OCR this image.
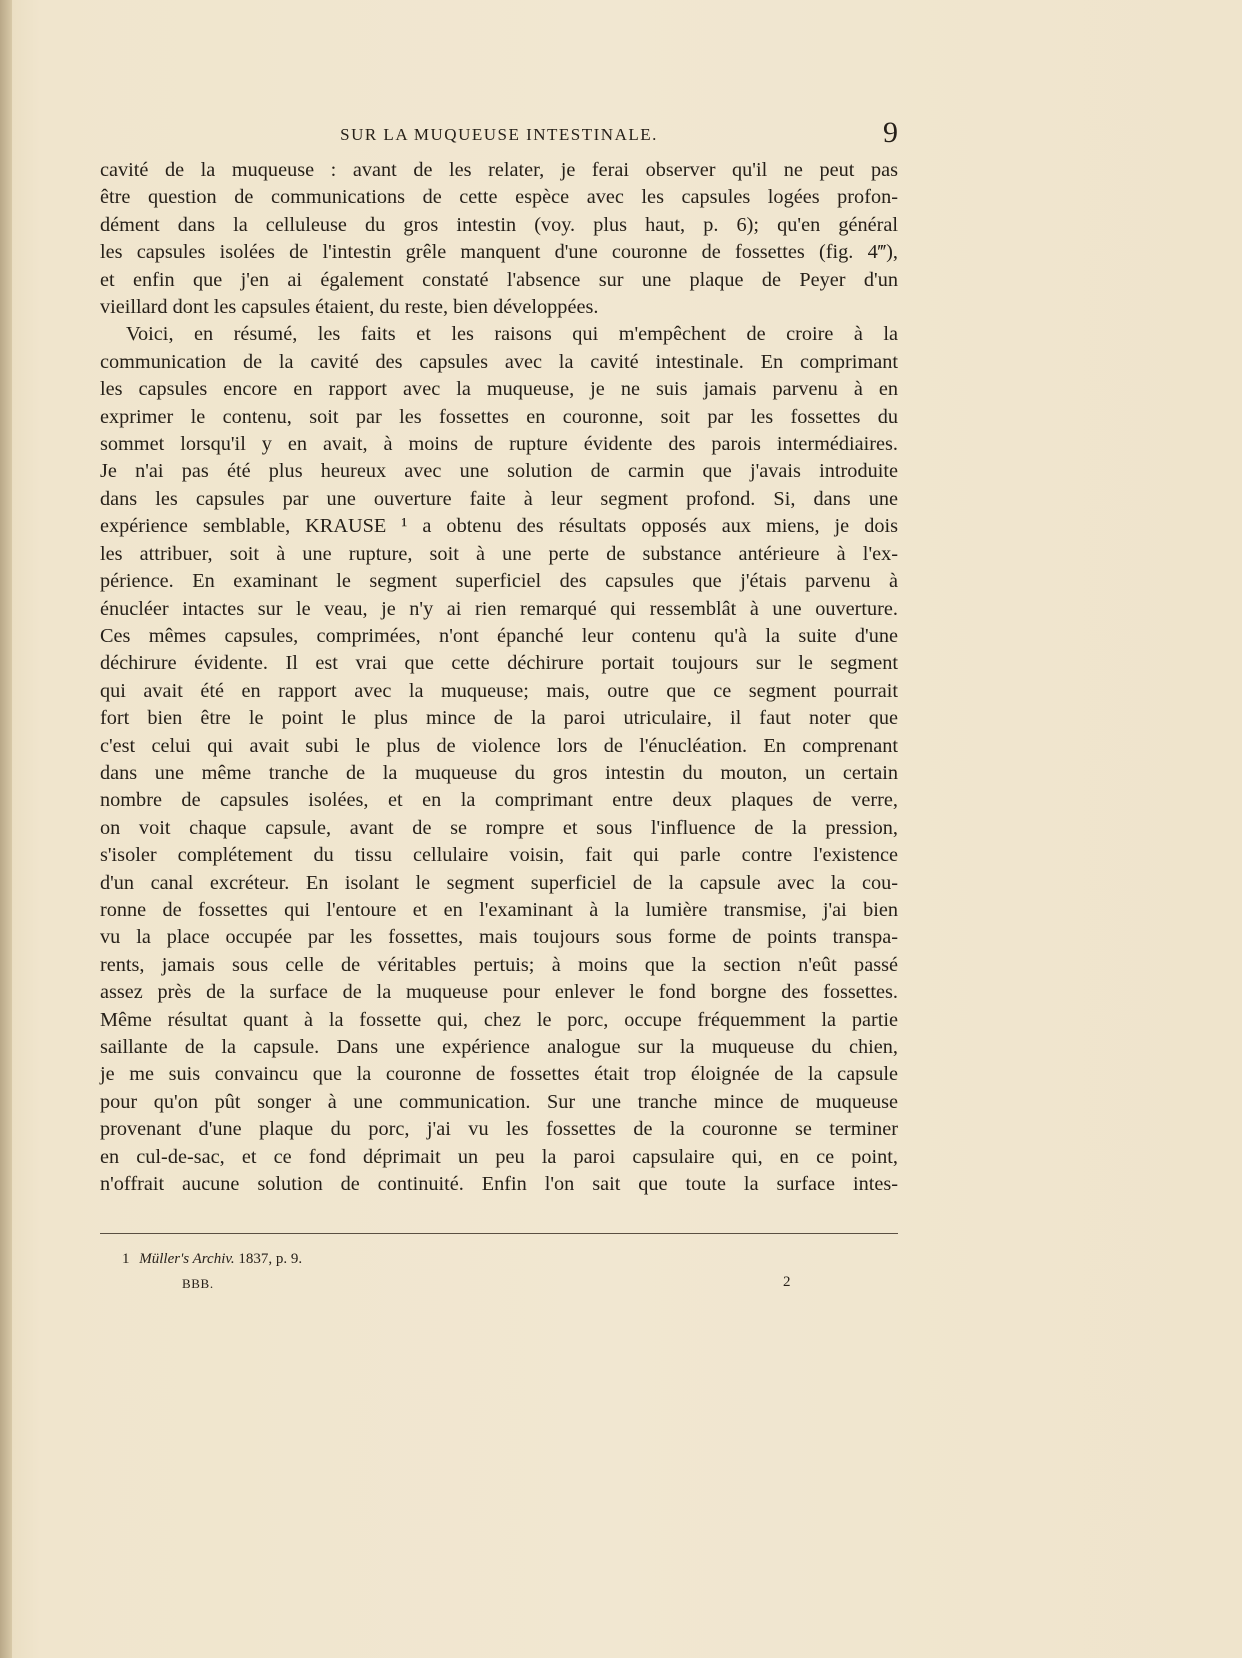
SUR LA MUQUEUSE INTESTINALE.	9
cavité de la muqueuse : avant de les relater, je ferai observer qu'il ne peut pas
être question de communications de cette espèce avec les capsules logées profon-
dément dans la celluleuse du gros intestin (voy. plus haut, p. 6); qu'en général
les capsules isolées de l'intestin grêle manquent d'une couronne de fossettes (fig. 4‴),
et enfin que j'en ai également constaté l'absence sur une plaque de Peyer d'un
vieillard dont les capsules étaient, du reste, bien développées.
Voici, en résumé, les faits et les raisons qui m'empêchent de croire à la
communication de la cavité des capsules avec la cavité intestinale. En comprimant
les capsules encore en rapport avec la muqueuse, je ne suis jamais parvenu à en
exprimer le contenu, soit par les fossettes en couronne, soit par les fossettes du
sommet lorsqu'il y en avait, à moins de rupture évidente des parois intermédiaires.
Je n'ai pas été plus heureux avec une solution de carmin que j'avais introduite
dans les capsules par une ouverture faite à leur segment profond. Si, dans une
expérience semblable, KRAUSE ¹ a obtenu des résultats opposés aux miens, je dois
les attribuer, soit à une rupture, soit à une perte de substance antérieure à l'ex-
périence. En examinant le segment superficiel des capsules que j'étais parvenu à
énucléer intactes sur le veau, je n'y ai rien remarqué qui ressemblât à une ouverture.
Ces mêmes capsules, comprimées, n'ont épanché leur contenu qu'à la suite d'une
déchirure évidente. Il est vrai que cette déchirure portait toujours sur le segment
qui avait été en rapport avec la muqueuse; mais, outre que ce segment pourrait
fort bien être le point le plus mince de la paroi utriculaire, il faut noter que
c'est celui qui avait subi le plus de violence lors de l'énucléation. En comprenant
dans une même tranche de la muqueuse du gros intestin du mouton, un certain
nombre de capsules isolées, et en la comprimant entre deux plaques de verre,
on voit chaque capsule, avant de se rompre et sous l'influence de la pression,
s'isoler complétement du tissu cellulaire voisin, fait qui parle contre l'existence
d'un canal excréteur. En isolant le segment superficiel de la capsule avec la cou-
ronne de fossettes qui l'entoure et en l'examinant à la lumière transmise, j'ai bien
vu la place occupée par les fossettes, mais toujours sous forme de points transpa-
rents, jamais sous celle de véritables pertuis; à moins que la section n'eût passé
assez près de la surface de la muqueuse pour enlever le fond borgne des fossettes.
Même résultat quant à la fossette qui, chez le porc, occupe fréquemment la partie
saillante de la capsule. Dans une expérience analogue sur la muqueuse du chien,
je me suis convaincu que la couronne de fossettes était trop éloignée de la capsule
pour qu'on pût songer à une communication. Sur une tranche mince de muqueuse
provenant d'une plaque du porc, j'ai vu les fossettes de la couronne se terminer
en cul-de-sac, et ce fond déprimait un peu la paroi capsulaire qui, en ce point,
n'offrait aucune solution de continuité. Enfin l'on sait que toute la surface intes-
1 Müller's Archiv. 1837, p. 9.
BBB.	2
